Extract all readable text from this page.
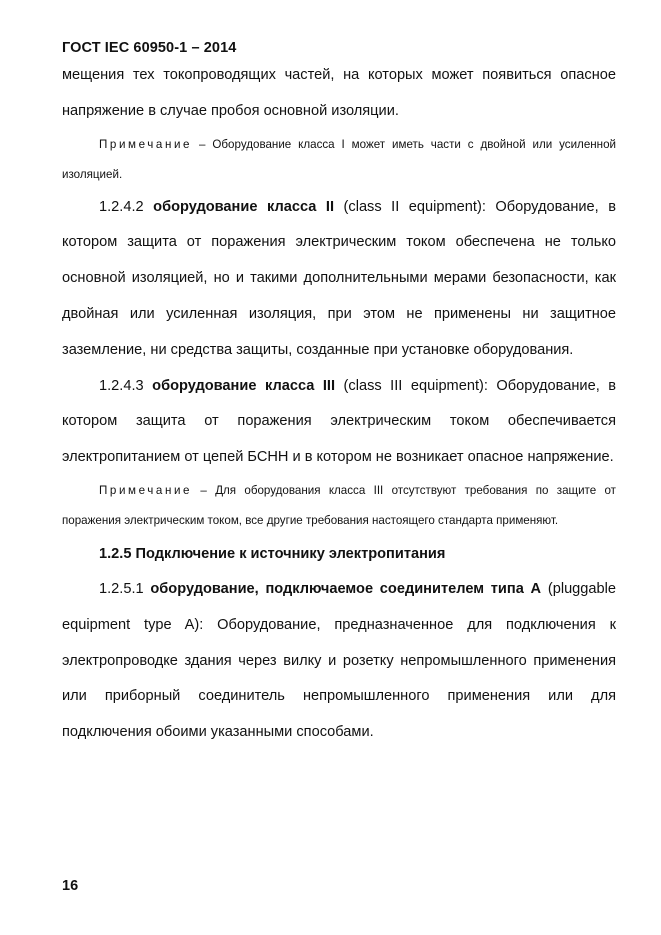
ГОСТ IEC 60950-1 – 2014

мещения тех токопроводящих частей, на которых может появиться опасное напряжение в случае пробоя основной изоляции.

Примечание – Оборудование класса I может иметь части с двойной или усиленной изоляцией.

1.2.4.2 оборудование класса II (class II equipment): Оборудование, в котором защита от поражения электрическим током обеспечена не только основной изоляцией, но и такими дополнительными мерами безопасности, как двойная или усиленная изоляция, при этом не применены ни защитное заземление, ни средства защиты, созданные при установке оборудования.

1.2.4.3 оборудование класса III (class III equipment): Оборудование, в котором защита от поражения электрическим током обеспечивается электропитанием от цепей БСНН и в котором не возникает опасное напряжение.

Примечание – Для оборудования класса III отсутствуют требования по защите от поражения электрическим током, все другие требования настоящего стандарта применяют.

1.2.5 Подключение к источнику электропитания

1.2.5.1 оборудование, подключаемое соединителем типа А (pluggable equipment type A): Оборудование, предназначенное для подключения к электропроводке здания через вилку и розетку непромышленного применения или приборный соединитель непромышленного применения или для подключения обоими указанными способами.

16
